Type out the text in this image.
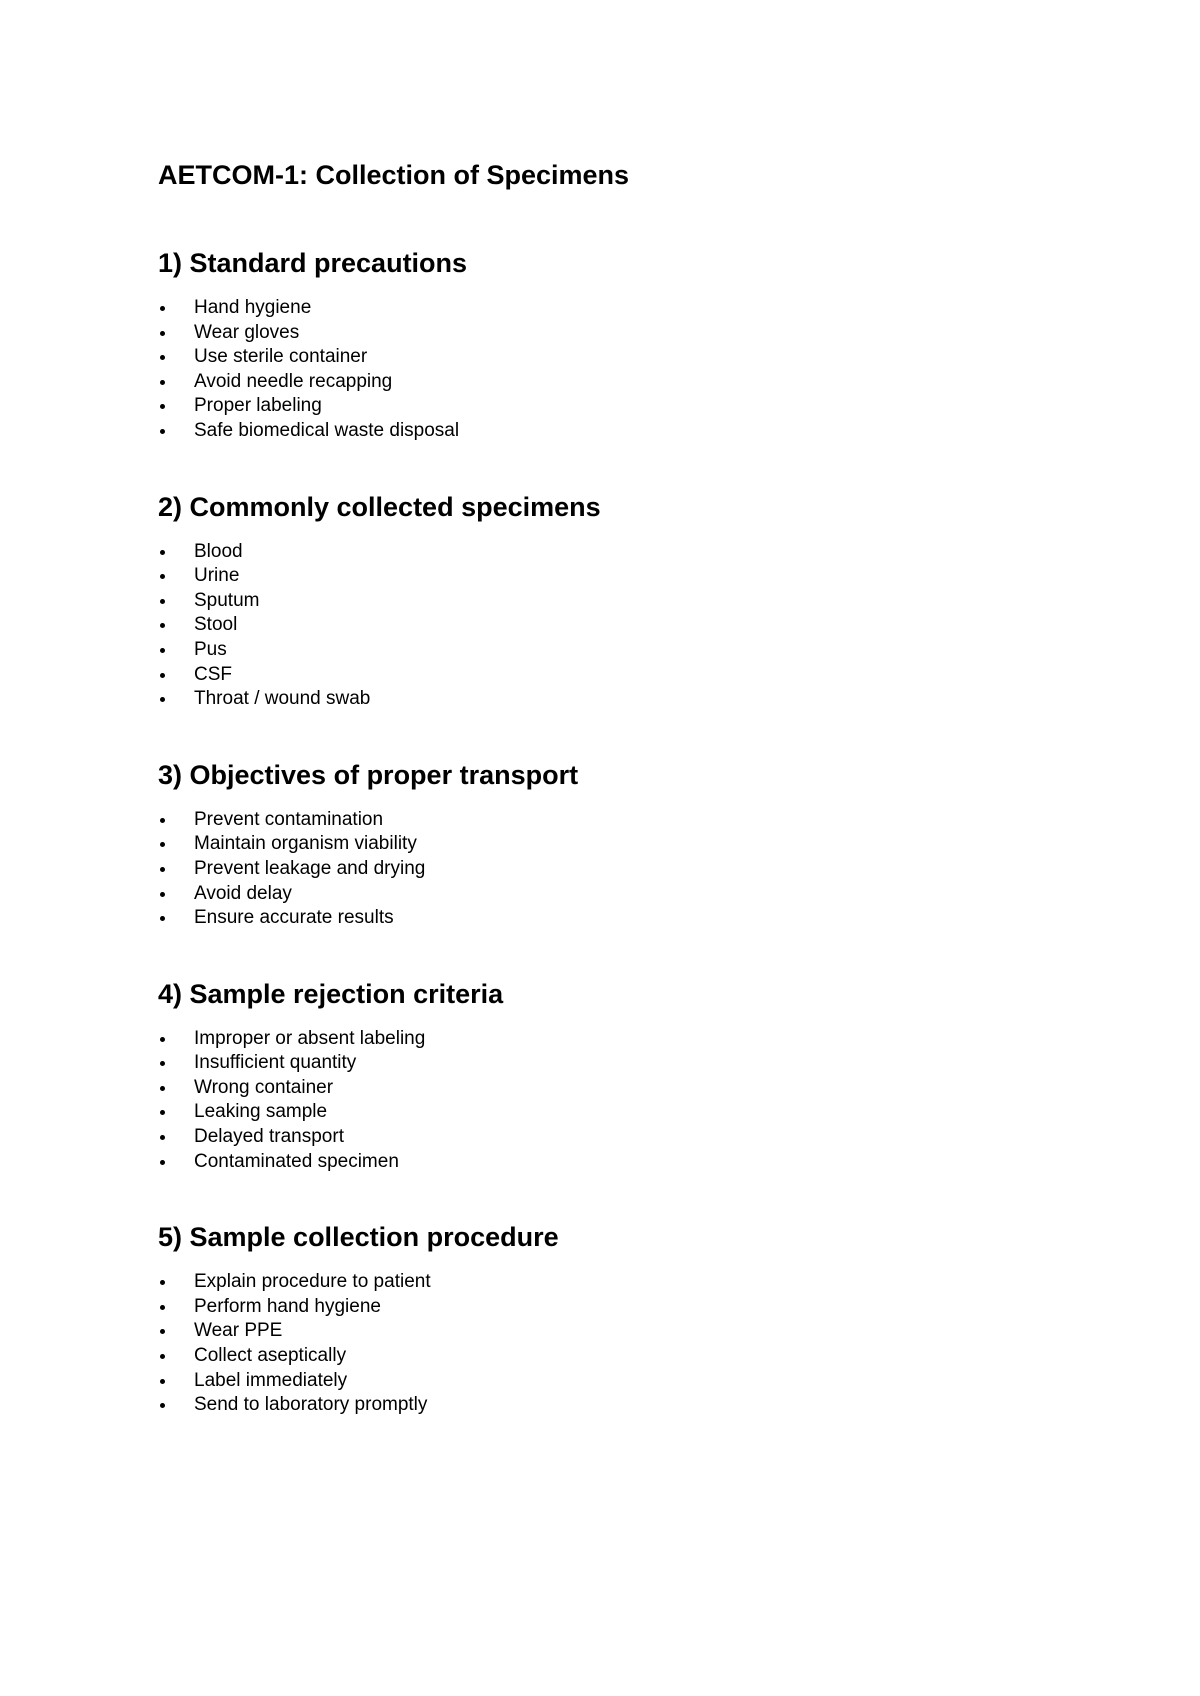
AETCOM-1: Collection of Specimens
1) Standard precautions
Hand hygiene
Wear gloves
Use sterile container
Avoid needle recapping
Proper labeling
Safe biomedical waste disposal
2) Commonly collected specimens
Blood
Urine
Sputum
Stool
Pus
CSF
Throat / wound swab
3) Objectives of proper transport
Prevent contamination
Maintain organism viability
Prevent leakage and drying
Avoid delay
Ensure accurate results
4) Sample rejection criteria
Improper or absent labeling
Insufficient quantity
Wrong container
Leaking sample
Delayed transport
Contaminated specimen
5) Sample collection procedure
Explain procedure to patient
Perform hand hygiene
Wear PPE
Collect aseptically
Label immediately
Send to laboratory promptly
